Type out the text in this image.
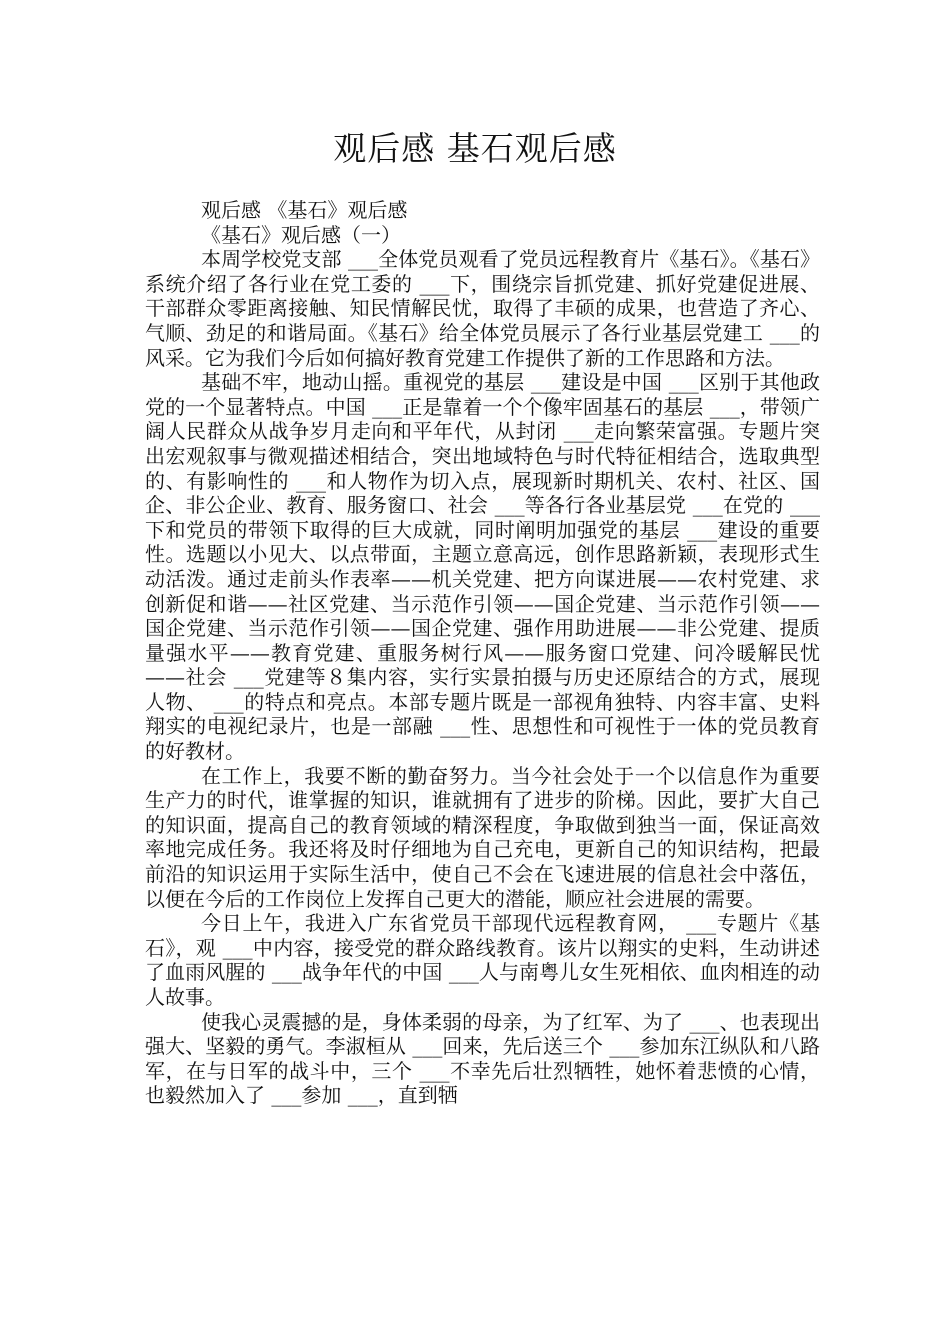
观后感 基石观后感

观后感 《基石》观后感

《基石》观后感（一）

本周学校党支部 ___全体党员观看了党员远程教育片《基石》。《基石》系统介绍了各行业在党工委的 ___下，围绕宗旨抓党建、抓好党建促进展、干部群众零距离接触、知民情解民忧，取得了丰硕的成果，也营造了齐心、气顺、劲足的和谐局面。《基石》给全体党员展示了各行业基层党建工 ___的风采。它为我们今后如何搞好教育党建工作提供了新的工作思路和方法。

基础不牢，地动山摇。重视党的基层 ___建设是中国 ___区别于其他政党的一个显著特点。中国 ___正是靠着一个个像牢固基石的基层 ___，带领广阔人民群众从战争岁月走向和平年代，从封闭 ___走向繁荣富强。专题片突出宏观叙事与微观描述相结合，突出地域特色与时代特征相结合，选取典型的、有影响性的 ___和人物作为切入点，展现新时期机关、农村、社区、国企、非公企业、教育、服务窗口、社会 ___等各行各业基层党 ___在党的 ___下和党员的带领下取得的巨大成就，同时阐明加强党的基层 ___建设的重要性。选题以小见大、以点带面，主题立意高远，创作思路新颖，表现形式生动活泼。通过走前头作表率——机关党建、把方向谋进展——农村党建、求创新促和谐——社区党建、当示范作引领——国企党建、当示范作引领——国企党建、当示范作引领——国企党建、强作用助进展——非公党建、提质量强水平——教育党建、重服务树行风——服务窗口党建、问冷暖解民忧——社会 ___党建等８集内容，实行实景拍摄与历史还原结合的方式，展现人物、 ___的特点和亮点。本部专题片既是一部视角独特、内容丰富、史料翔实的电视纪录片，也是一部融 ___性、思想性和可视性于一体的党员教育的好教材。

在工作上，我要不断的勤奋努力。当今社会处于一个以信息作为重要生产力的时代，谁掌握的知识，谁就拥有了进步的阶梯。因此，要扩大自己的知识面，提高自己的教育领域的精深程度，争取做到独当一面，保证高效率地完成任务。我还将及时仔细地为自己充电，更新自己的知识结构，把最前沿的知识运用于实际生活中，使自己不会在飞速进展的信息社会中落伍，以便在今后的工作岗位上发挥自己更大的潜能，顺应社会进展的需要。

今日上午，我进入广东省党员干部现代远程教育网， ___专题片《基石》，观 ___中内容，接受党的群众路线教育。该片以翔实的史料，生动讲述了血雨风腥的 ___战争年代的中国 ___人与南粤儿女生死相依、血肉相连的动人故事。

使我心灵震撼的是，身体柔弱的母亲，为了红军、为了 ___、也表现出强大、坚毅的勇气。李淑桓从 ___回来，先后送三个 ___参加东江纵队和八路军，在与日军的战斗中，三个 ___不幸先后壮烈牺牲，她怀着悲愤的心情，也毅然加入了 ___参加 ___，直到牺
